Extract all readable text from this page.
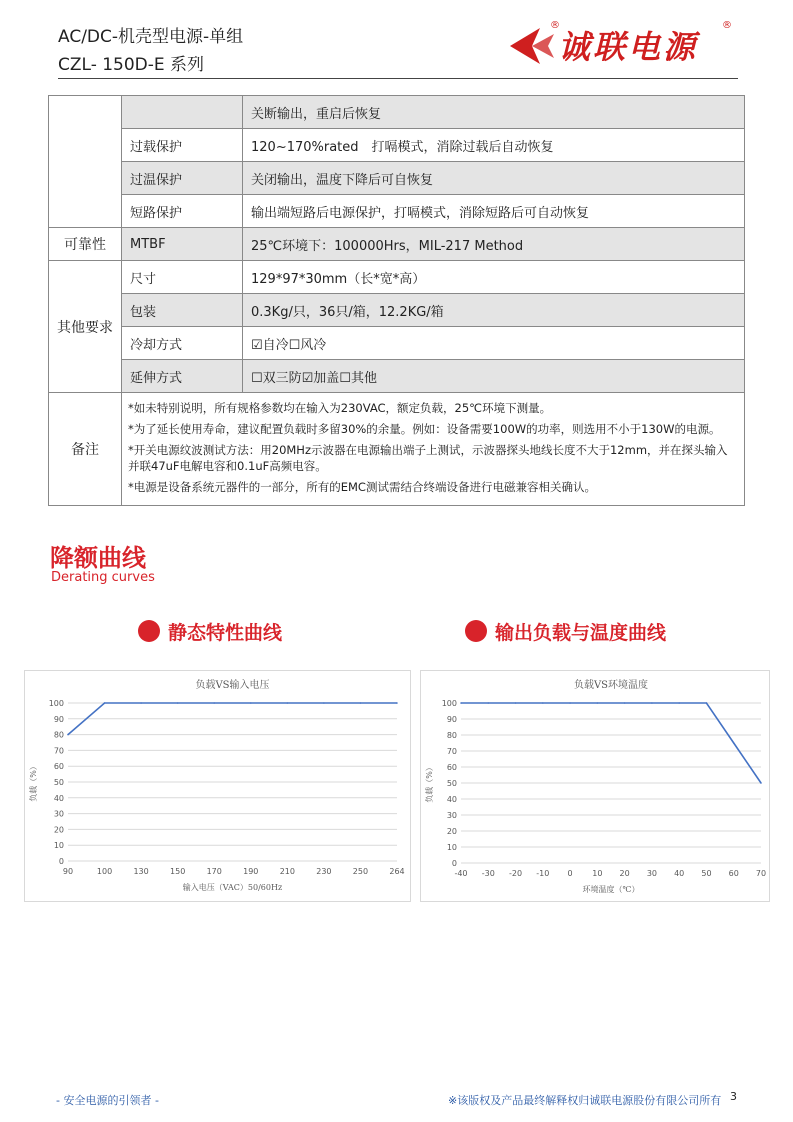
AC/DC-机壳型电源-单组
CZL- 150D-E 系列
®
诚联电源
®
		关断输出，重启后恢复
	过载保护	120~170%rated　打嗝模式，消除过载后自动恢复
	过温保护	关闭输出，温度下降后可自恢复
	短路保护	输出端短路后电源保护，打嗝模式，消除短路后可自动恢复
可靠性	MTBF	25℃环境下：100000Hrs，MIL-217 Method
其他要求	尺寸	129*97*30mm（长*宽*高）
	包装	0.3Kg/只，36只/箱，12.2KG/箱
	冷却方式	☑自冷☐风冷
	延伸方式	☐双三防☑加盖☐其他
备注	*如未特别说明，所有规格参数均在输入为230VAC，额定负载，25℃环境下测量。

*为了延长使用寿命，建议配置负载时多留30%的余量。例如：设备需要100W的功率，则选用不小于130W的电源。

*开关电源纹波测试方法：用20MHz示波器在电源输出端子上测试，示波器探头地线长度不大于12mm，并在探头输入并联47uF电解电容和0.1uF高频电容。

*电源是设备系统元器件的一部分，所有的EMC测试需结合终端设备进行电磁兼容相关确认。	

降额曲线
Derating curves
静态特性曲线	输出负载与温度曲线
负载VS输入电压
0
10
20
30
40
50
60
70
80
90
100
90	100	130	150	170	190	210	230	250	264
输入电压（VAC）50/60Hz
负载（%）
负载VS环境温度
0
10
20
30
40
50
60
70
80
90
100
-40 -30 -20 -10 0 10 20 30 40 50 60 70
环境温度（℃）
负载（%）
- 安全电源的引领者 -	※该版权及产品最终解释权归诚联电源股份有限公司所有 3
